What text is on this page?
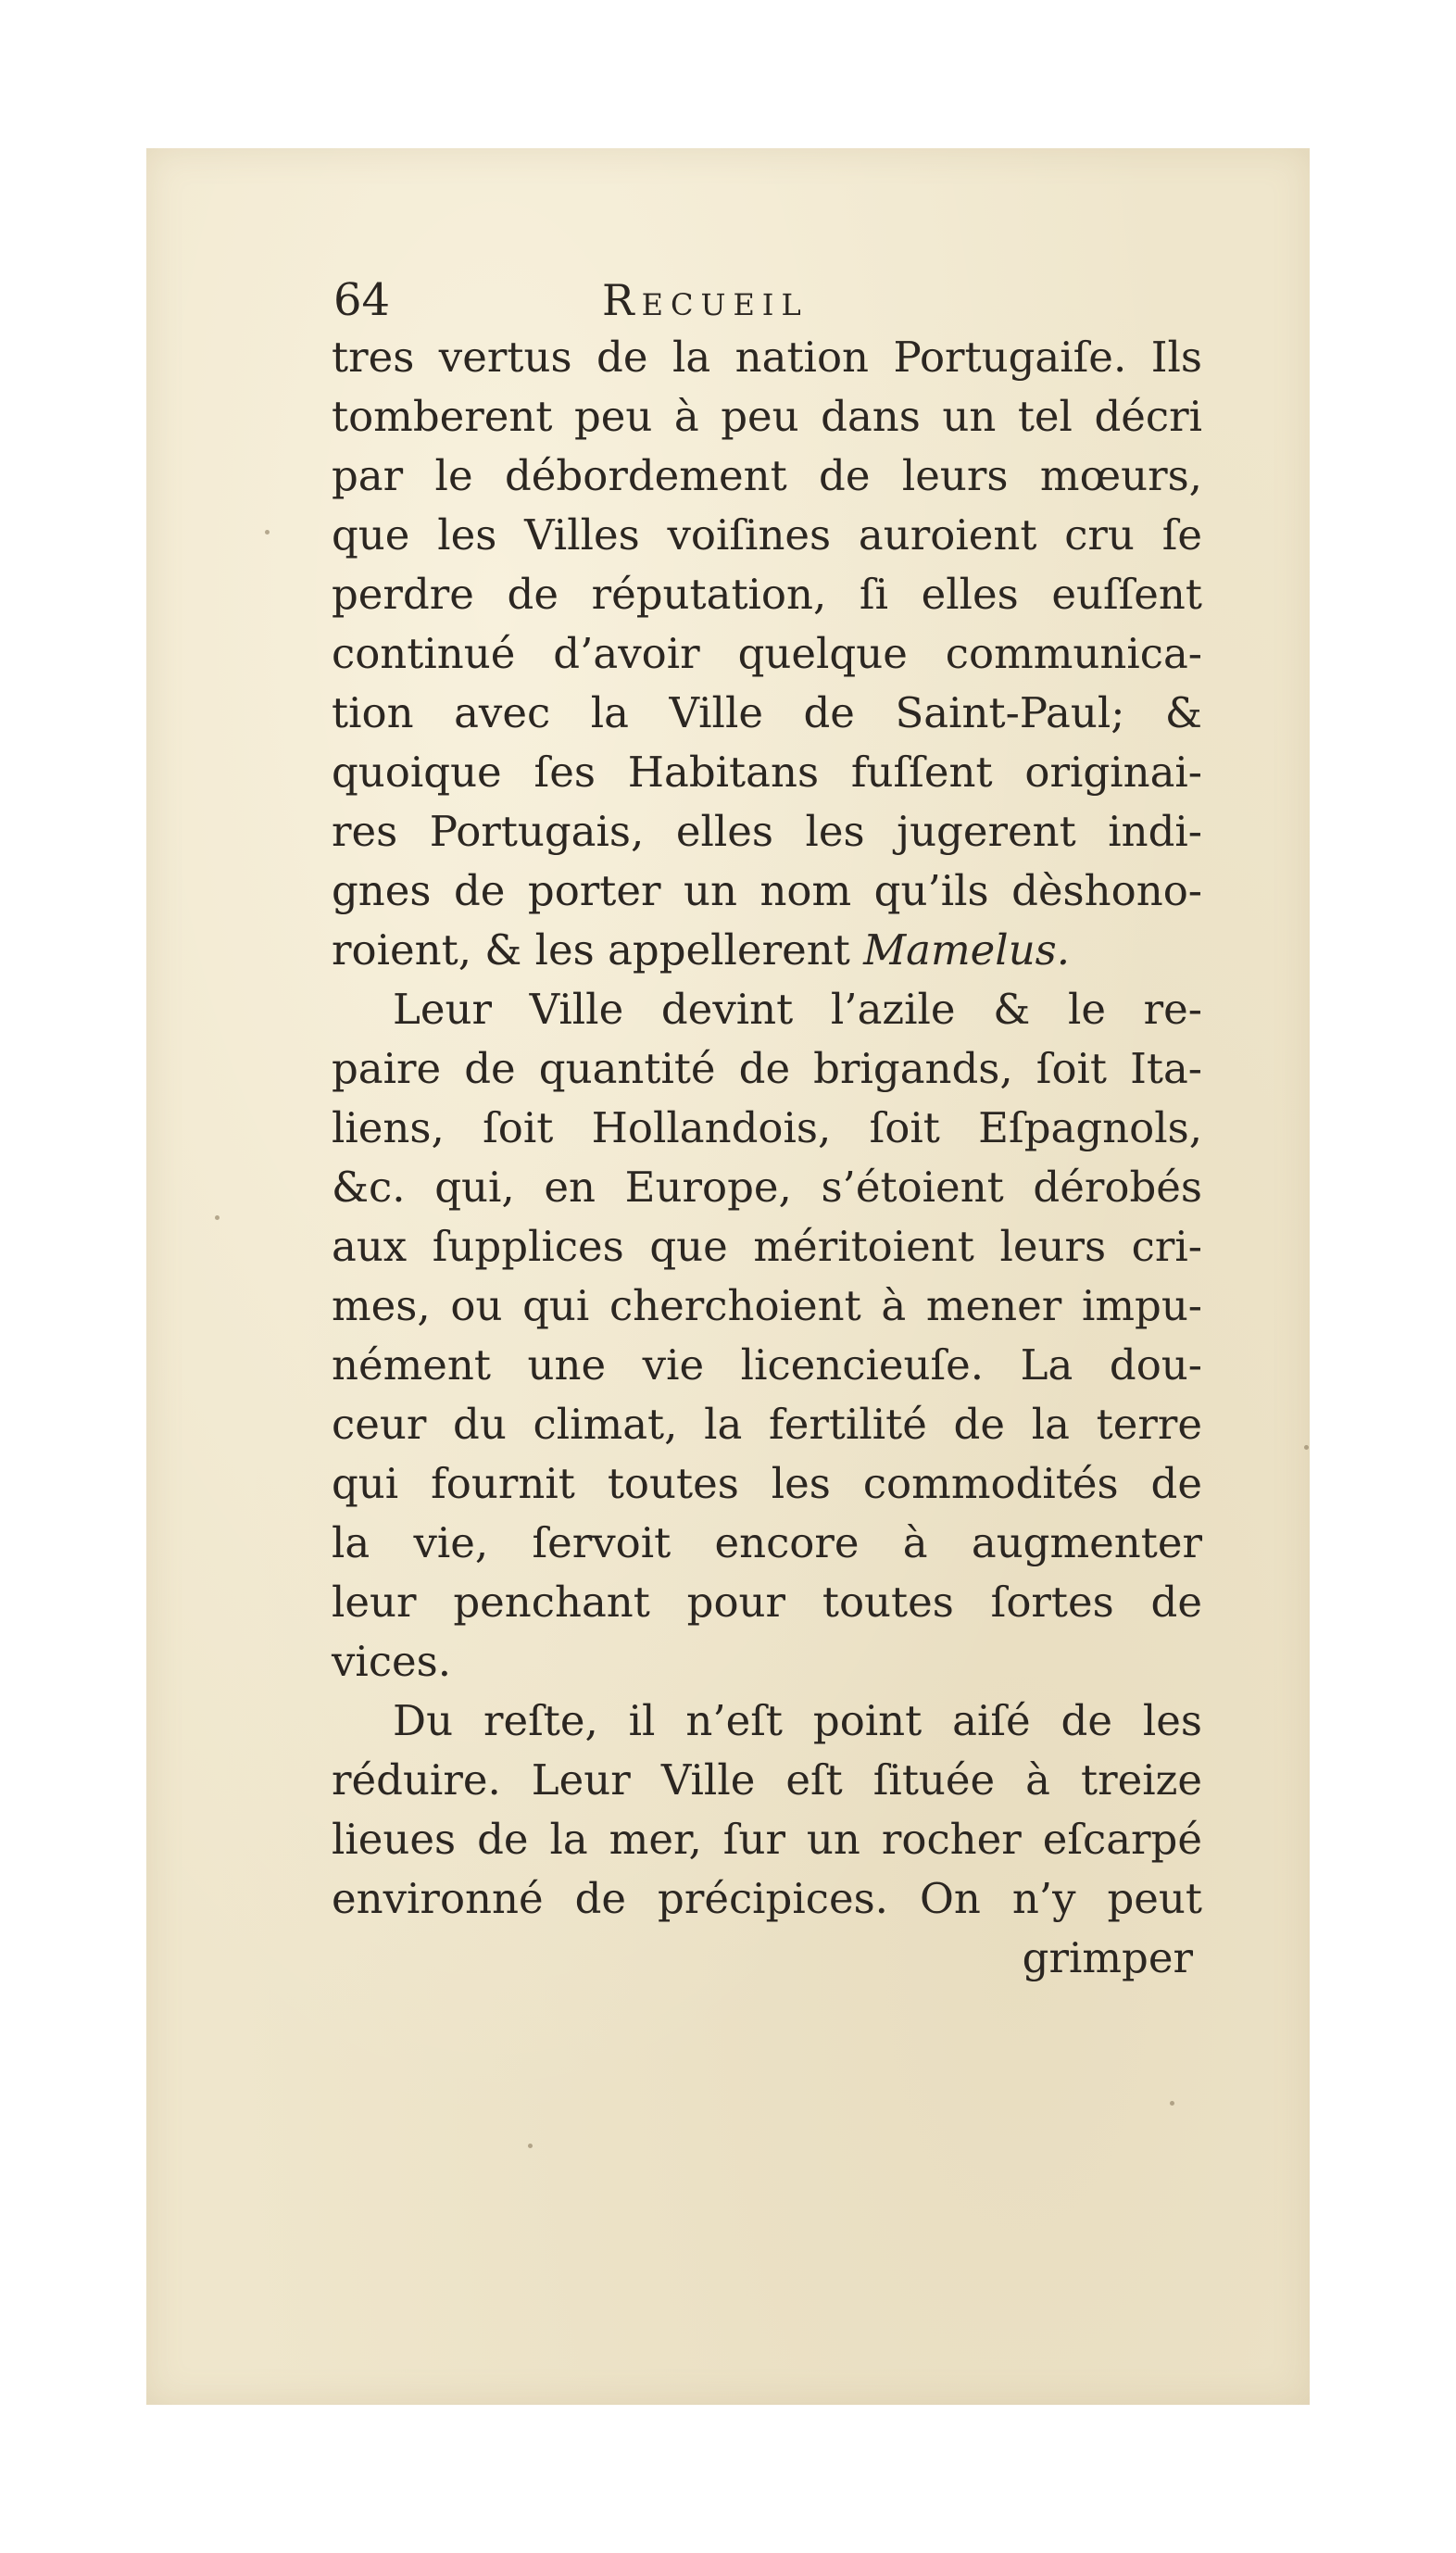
64	Recueil
tres vertus de la nation Portugaiſe. Ils
tomberent peu à peu dans un tel décri
par le débordement de leurs mœurs,
que les Villes voiſines auroient cru ſe
perdre de réputation, ſi elles euſſent
continué d’avoir quelque communica-
tion avec la Ville de Saint-Paul; &
quoique ſes Habitans fuſſent originai-
res Portugais, elles les jugerent indi-
gnes de porter un nom qu’ils dèshono-
roient, & les appellerent Mamelus.
Leur Ville devint l’azile & le re-
paire de quantité de brigands, ſoit Ita-
liens, ſoit Hollandois, ſoit Eſpagnols,
&c. qui, en Europe, s’étoient dérobés
aux ſupplices que méritoient leurs cri-
mes, ou qui cherchoient à mener impu-
nément une vie licencieuſe. La dou-
ceur du climat, la fertilité de la terre
qui fournit toutes les commodités de
la vie, ſervoit encore à augmenter
leur penchant pour toutes ſortes de
vices.
Du reſte, il n’eſt point aiſé de les
réduire. Leur Ville eſt ſituée à treize
lieues de la mer, ſur un rocher eſcarpé
environné de précipices. On n’y peut
grimper
